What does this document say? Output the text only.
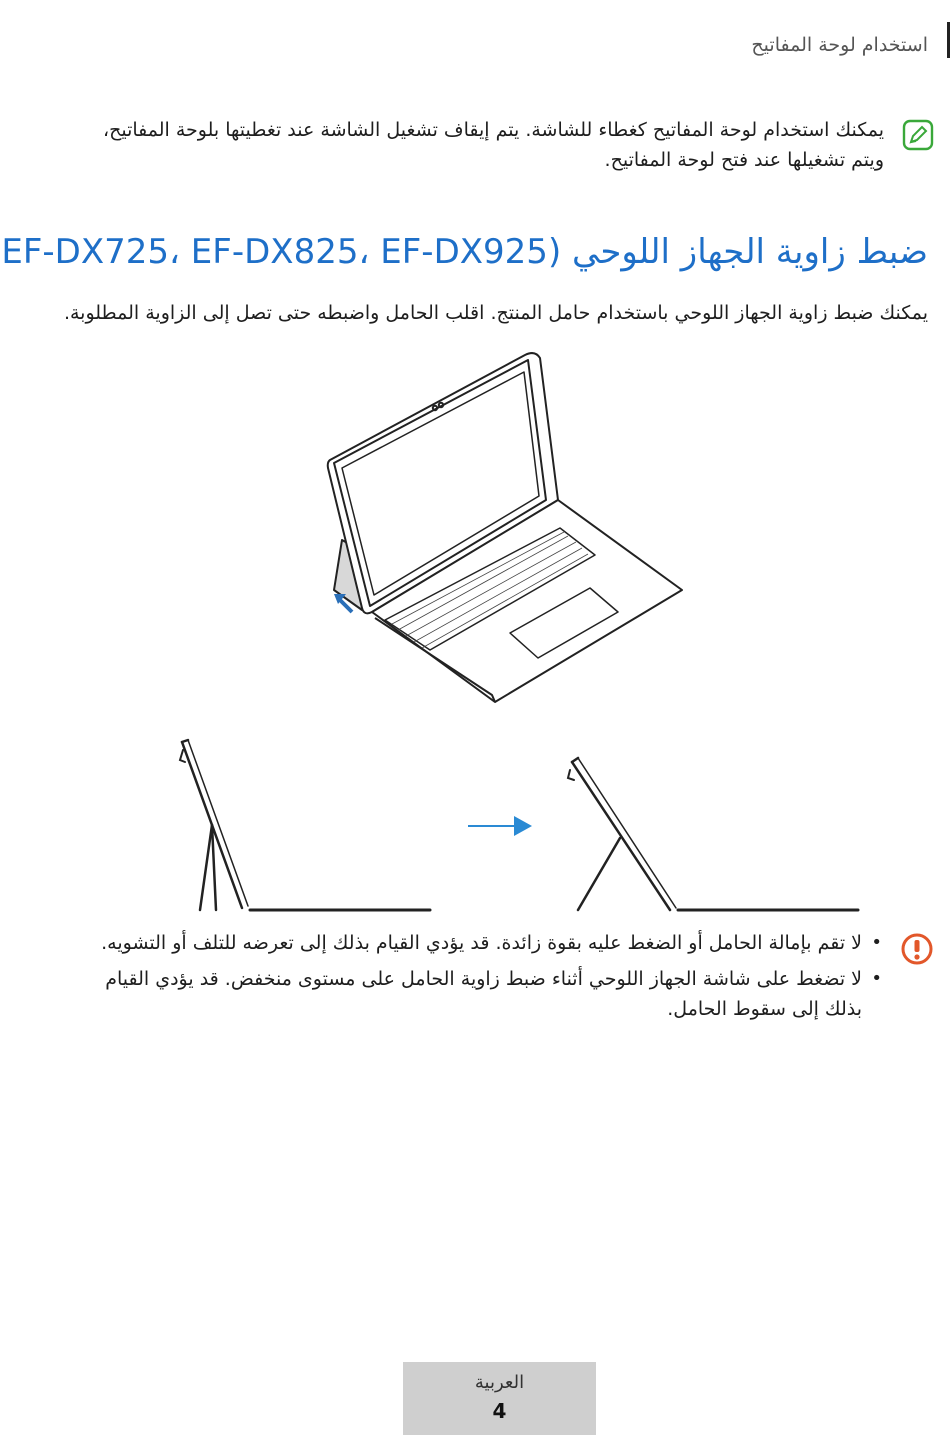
استخدام لوحة المفاتيح
يمكنك استخدام لوحة المفاتيح كغطاء للشاشة. يتم إيقاف تشغيل الشاشة عند تغطيتها بلوحة المفاتيح، ويتم تشغيلها عند فتح لوحة المفاتيح.
ضبط زاوية الجهاز اللوحي (EF-DX725، EF-DX825، EF-DX925
يمكنك ضبط زاوية الجهاز اللوحي باستخدام حامل المنتج. اقلب الحامل واضبطه حتى تصل إلى الزاوية المطلوبة.
• لا تقم بإمالة الحامل أو الضغط عليه بقوة زائدة. قد يؤدي القيام بذلك إلى تعرضه للتلف أو التشويه.
• لا تضغط على شاشة الجهاز اللوحي أثناء ضبط زاوية الحامل على مستوى منخفض. قد يؤدي القيام بذلك إلى سقوط الحامل.
العربية
4
